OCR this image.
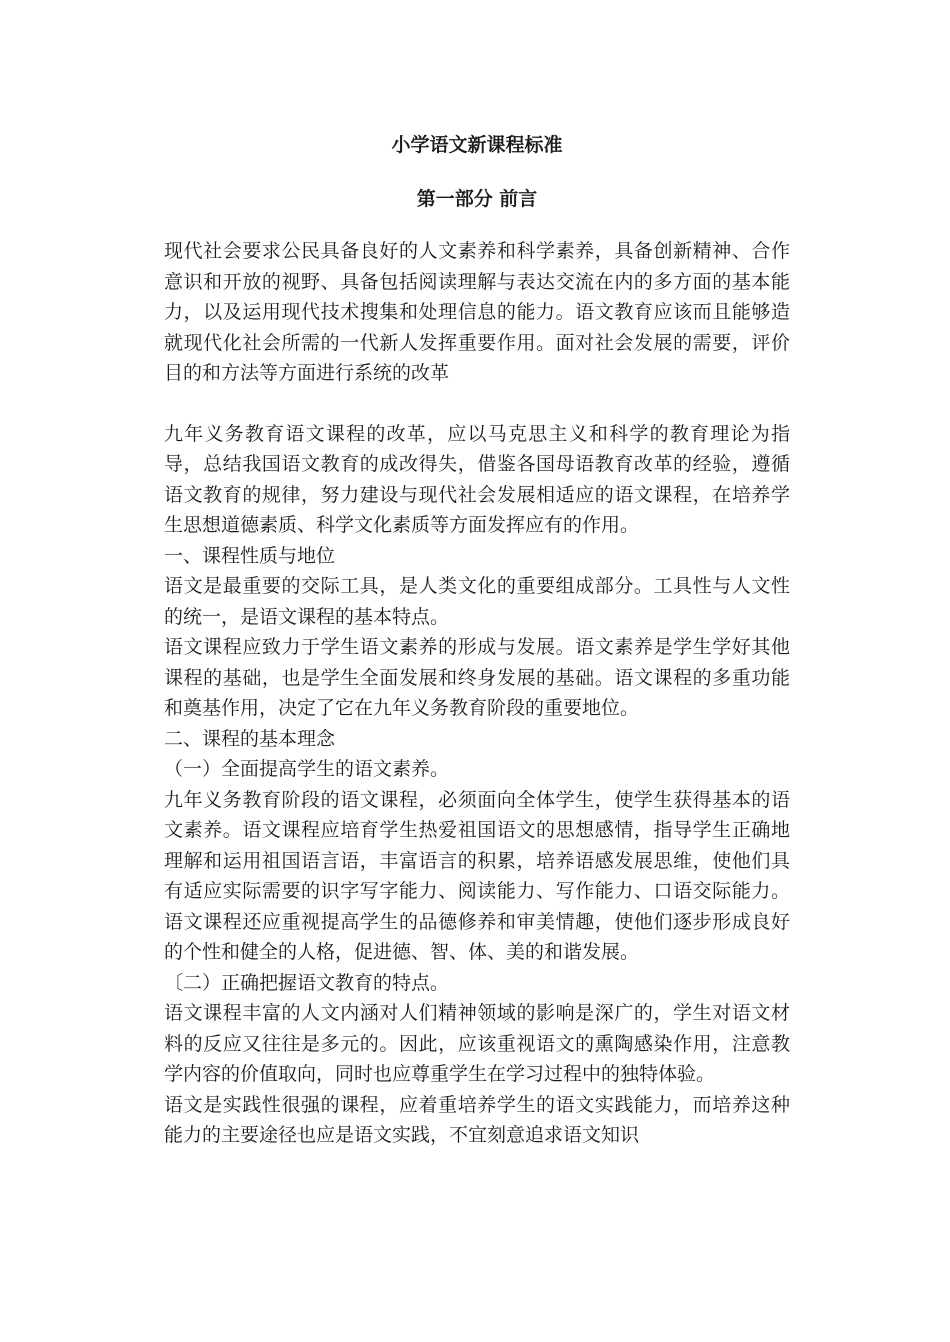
小学语文新课程标准
第一部分 前言

现代社会要求公民具备良好的人文素养和科学素养，具备创新精神、合作意识和开放的视野、具备包括阅读理解与表达交流在内的多方面的基本能力，以及运用现代技术搜集和处理信息的能力。语文教育应该而且能够造就现代化社会所需的一代新人发挥重要作用。面对社会发展的需要，评价目的和方法等方面进行系统的改革

九年义务教育语文课程的改革，应以马克思主义和科学的教育理论为指导，总结我国语文教育的成改得失，借鉴各国母语教育改革的经验，遵循语文教育的规律，努力建设与现代社会发展相适应的语文课程，在培养学生思想道德素质、科学文化素质等方面发挥应有的作用。

一、课程性质与地位

语文是最重要的交际工具，是人类文化的重要组成部分。工具性与人文性的统一，是语文课程的基本特点。

语文课程应致力于学生语文素养的形成与发展。语文素养是学生学好其他课程的基础，也是学生全面发展和终身发展的基础。语文课程的多重功能和奠基作用，决定了它在九年义务教育阶段的重要地位。

二、课程的基本理念

（一）全面提高学生的语文素养。

九年义务教育阶段的语文课程，必须面向全体学生，使学生获得基本的语文素养。语文课程应培育学生热爱祖国语文的思想感情，指导学生正确地理解和运用祖国语言语，丰富语言的积累，培养语感发展思维，使他们具有适应实际需要的识字写字能力、阅读能力、写作能力、口语交际能力。语文课程还应重视提高学生的品德修养和审美情趣，使他们逐步形成良好的个性和健全的人格，促进德、智、体、美的和谐发展。

〔二）正确把握语文教育的特点。

语文课程丰富的人文内涵对人们精神领域的影响是深广的，学生对语文材料的反应又往往是多元的。因此，应该重视语文的熏陶感染作用，注意教学内容的价值取向，同时也应尊重学生在学习过程中的独特体验。

语文是实践性很强的课程，应着重培养学生的语文实践能力，而培养这种能力的主要途径也应是语文实践，不宜刻意追求语文知识
